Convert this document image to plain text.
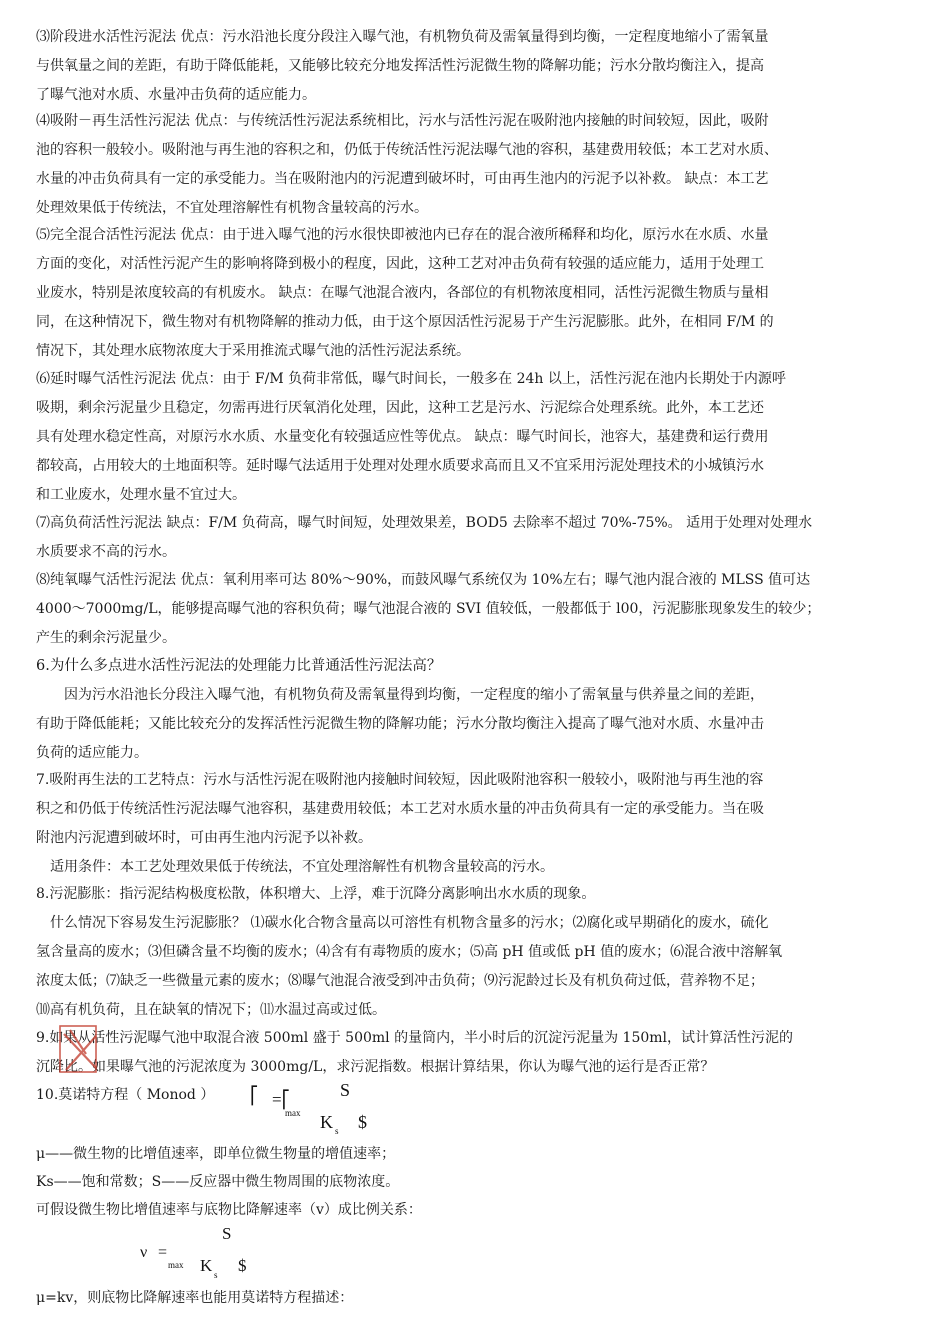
⑶阶段进水活性污泥法 优点：污水沿池长度分段注入曝气池，有机物负荷及需氧量得到均衡，一定程度地缩小了需氧量
与供氧量之间的差距，有助于降低能耗，又能够比较充分地发挥活性污泥微生物的降解功能；污水分散均衡注入，提高
了曝气池对水质、水量冲击负荷的适应能力。
⑷吸附－再生活性污泥法 优点：与传统活性污泥法系统相比，污水与活性污泥在吸附池内接触的时间较短，因此，吸附
池的容积一般较小。吸附池与再生池的容积之和，仍低于传统活性污泥法曝气池的容积，基建费用较低；本工艺对水质、
水量的冲击负荷具有一定的承受能力。当在吸附池内的污泥遭到破坏时，可由再生池内的污泥予以补救。 缺点：本工艺
处理效果低于传统法，不宜处理溶解性有机物含量较高的污水。
⑸完全混合活性污泥法 优点：由于进入曝气池的污水很快即被池内已存在的混合液所稀释和均化，原污水在水质、水量
方面的变化，对活性污泥产生的影响将降到极小的程度，因此，这种工艺对冲击负荷有较强的适应能力，适用于处理工
业废水，特别是浓度较高的有机废水。 缺点：在曝气池混合液内，各部位的有机物浓度相同，活性污泥微生物质与量相
同，在这种情况下，微生物对有机物降解的推动力低，由于这个原因活性污泥易于产生污泥膨胀。此外，在相同 F/M 的
情况下，其处理水底物浓度大于采用推流式曝气池的活性污泥法系统。
⑹延时曝气活性污泥法 优点：由于 F/M 负荷非常低，曝气时间长，一般多在 24h 以上，活性污泥在池内长期处于内源呼
吸期，剩余污泥量少且稳定，勿需再进行厌氧消化处理，因此，这种工艺是污水、污泥综合处理系统。此外，本工艺还
具有处理水稳定性高，对原污水水质、水量变化有较强适应性等优点。 缺点：曝气时间长，池容大，基建费和运行费用
都较高，占用较大的土地面积等。延时曝气法适用于处理对处理水质要求高而且又不宜采用污泥处理技术的小城镇污水
和工业废水，处理水量不宜过大。
⑺高负荷活性污泥法 缺点：F/M 负荷高，曝气时间短，处理效果差，BOD5 去除率不超过 70%-75%。 适用于处理对处理水
水质要求不高的污水。
⑻纯氧曝气活性污泥法 优点：氧利用率可达 80%～90%，而鼓风曝气系统仅为 10%左右；曝气池内混合液的 MLSS 值可达
4000～7000mg/L，能够提高曝气池的容积负荷；曝气池混合液的 SVI 值较低，一般都低于 l00，污泥膨胀现象发生的较少；
产生的剩余污泥量少。
6.为什么多点进水活性污泥法的处理能力比普通活性污泥法高？
因为污水沿池长分段注入曝气池，有机物负荷及需氧量得到均衡，一定程度的缩小了需氧量与供养量之间的差距，
有助于降低能耗；又能比较充分的发挥活性污泥微生物的降解功能；污水分散均衡注入提高了曝气池对水质、水量冲击
负荷的适应能力。
7.吸附再生法的工艺特点：污水与活性污泥在吸附池内接触时间较短，因此吸附池容积一般较小，吸附池与再生池的容
积之和仍低于传统活性污泥法曝气池容积，基建费用较低；本工艺对水质水量的冲击负荷具有一定的承受能力。当在吸
附池内污泥遭到破坏时，可由再生池内污泥予以补救。
适用条件：本工艺处理效果低于传统法，不宜处理溶解性有机物含量较高的污水。
8.污泥膨胀：指污泥结构极度松散，体积增大、上浮，难于沉降分离影响出水水质的现象。
什么情况下容易发生污泥膨胀？ ⑴碳水化合物含量高以可溶性有机物含量多的污水；⑵腐化或早期硝化的废水，硫化
氢含量高的废水；⑶但磷含量不均衡的废水；⑷含有有毒物质的废水；⑸高 pH 值或低 pH 值的废水；⑹混合液中溶解氧
浓度太低；⑺缺乏一些微量元素的废水；⑻曝气池混合液受到冲击负荷；⑼污泥龄过长及有机负荷过低，营养物不足；
⑽高有机负荷，且在缺氧的情况下；⑾水温过高或过低。
9.如果从活性污泥曝气池中取混合液 500ml 盛于 500ml 的量筒内，半小时后的沉淀污泥量为 150ml，试计算活性污泥的
沉降比。如果曝气池的污泥浓度为 3000mg/L，求污泥指数。根据计算结果，你认为曝气池的运行是否正常？
10.莫诺特方程（ Monod ）	⎡ =⎡
max
S
K s $
μ——微生物的比增值速率，即单位微生物量的增值速率；
Ks——饱和常数；S——反应器中微生物周围的底物浓度。
可假设微生物比增值速率与底物比降解速率（v）成比例关系：
S
ν =
max K s $
μ=kv，则底物比降解速率也能用莫诺特方程描述：
